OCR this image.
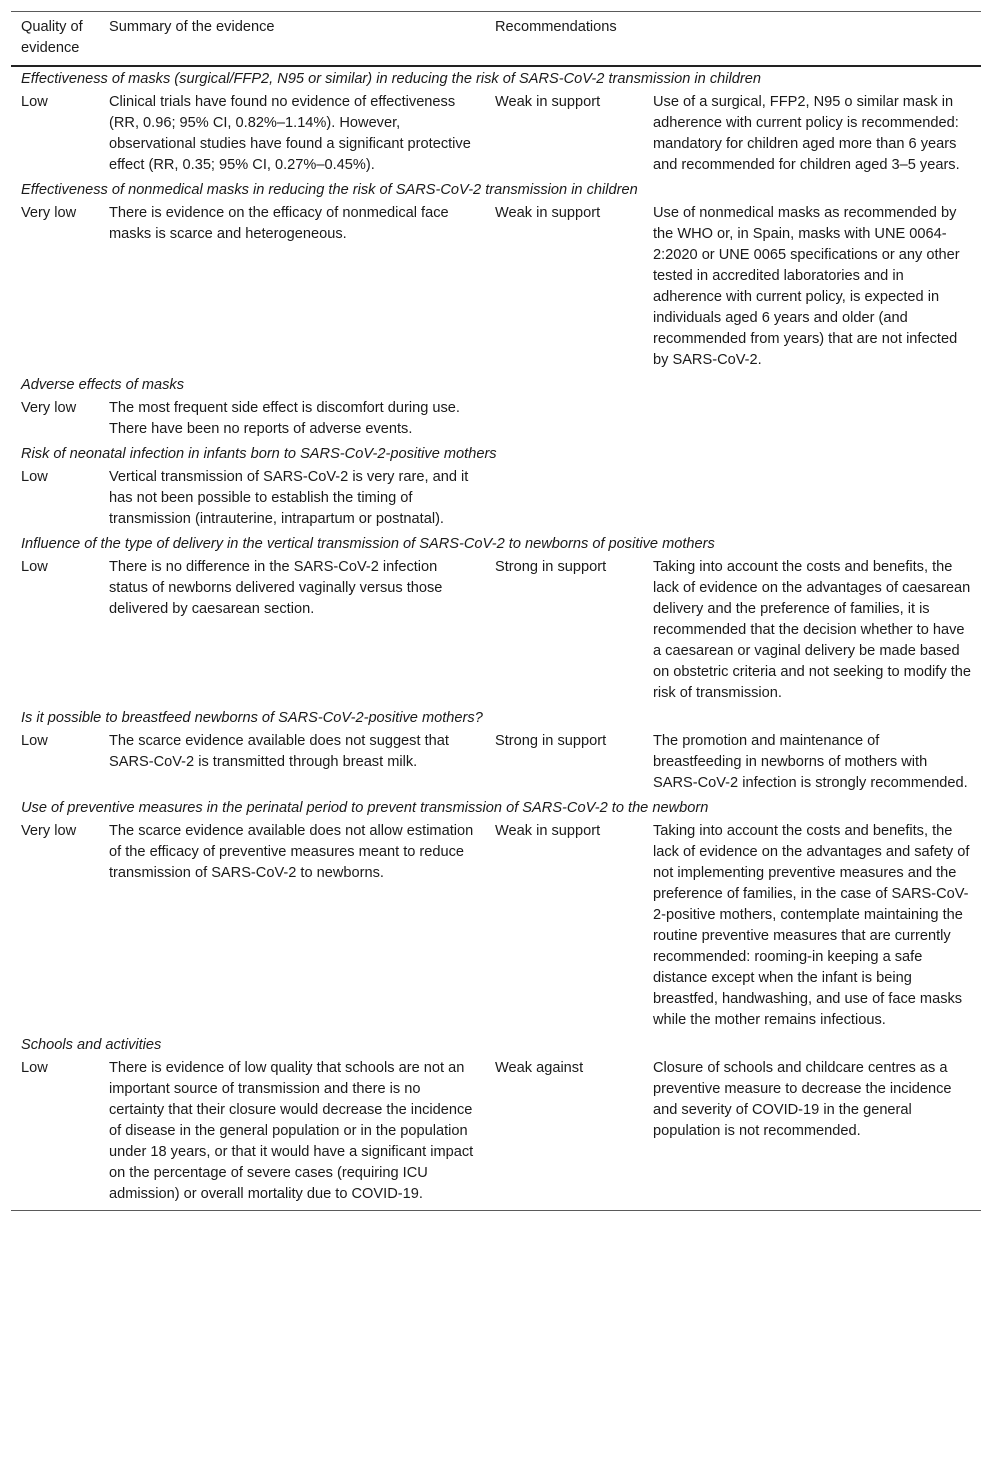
Quality of evidence	Summary of the evidence	Recommendations	
Effectiveness of masks (surgical/FFP2, N95 or similar) in reducing the risk of SARS-CoV-2 transmission in children			
Low	Clinical trials have found no evidence of effectiveness (RR, 0.96; 95% CI, 0.82%–1.14%). However, observational studies have found a significant protective effect (RR, 0.35; 95% CI, 0.27%–0.45%).	Weak in support	Use of a surgical, FFP2, N95 o similar mask in adherence with current policy is recommended: mandatory for children aged more than 6 years and recommended for children aged 3–5 years.
Effectiveness of nonmedical masks in reducing the risk of SARS-CoV-2 transmission in children			
Very low	There is evidence on the efficacy of nonmedical face masks is scarce and heterogeneous.	Weak in support	Use of nonmedical masks as recommended by the WHO or, in Spain, masks with UNE 0064-2:2020 or UNE 0065 specifications or any other tested in accredited laboratories and in adherence with current policy, is expected in individuals aged 6 years and older (and recommended from years) that are not infected by SARS-CoV-2.
Adverse effects of masks			
Very low	The most frequent side effect is discomfort during use. There have been no reports of adverse events.		
Risk of neonatal infection in infants born to SARS-CoV-2-positive mothers			
Low	Vertical transmission of SARS-CoV-2 is very rare, and it has not been possible to establish the timing of transmission (intrauterine, intrapartum or postnatal).		
Influence of the type of delivery in the vertical transmission of SARS-CoV-2 to newborns of positive mothers			
Low	There is no difference in the SARS-CoV-2 infection status of newborns delivered vaginally versus those delivered by caesarean section.	Strong in support	Taking into account the costs and benefits, the lack of evidence on the advantages of caesarean delivery and the preference of families, it is recommended that the decision whether to have a caesarean or vaginal delivery be made based on obstetric criteria and not seeking to modify the risk of transmission.
Is it possible to breastfeed newborns of SARS-CoV-2-positive mothers?			
Low	The scarce evidence available does not suggest that SARS-CoV-2 is transmitted through breast milk.	Strong in support	The promotion and maintenance of breastfeeding in newborns of mothers with SARS-CoV-2 infection is strongly recommended.
Use of preventive measures in the perinatal period to prevent transmission of SARS-CoV-2 to the newborn			
Very low	The scarce evidence available does not allow estimation of the efficacy of preventive measures meant to reduce transmission of SARS-CoV-2 to newborns.	Weak in support	Taking into account the costs and benefits, the lack of evidence on the advantages and safety of not implementing preventive measures and the preference of families, in the case of SARS-CoV-2-positive mothers, contemplate maintaining the routine preventive measures that are currently recommended: rooming-in keeping a safe distance except when the infant is being breastfed, handwashing, and use of face masks while the mother remains infectious.
Schools and activities			
Low	There is evidence of low quality that schools are not an important source of transmission and there is no certainty that their closure would decrease the incidence of disease in the general population or in the population under 18 years, or that it would have a significant impact on the percentage of severe cases (requiring ICU admission) or overall mortality due to COVID-19.	Weak against	Closure of schools and childcare centres as a preventive measure to decrease the incidence and severity of COVID-19 in the general population is not recommended.
